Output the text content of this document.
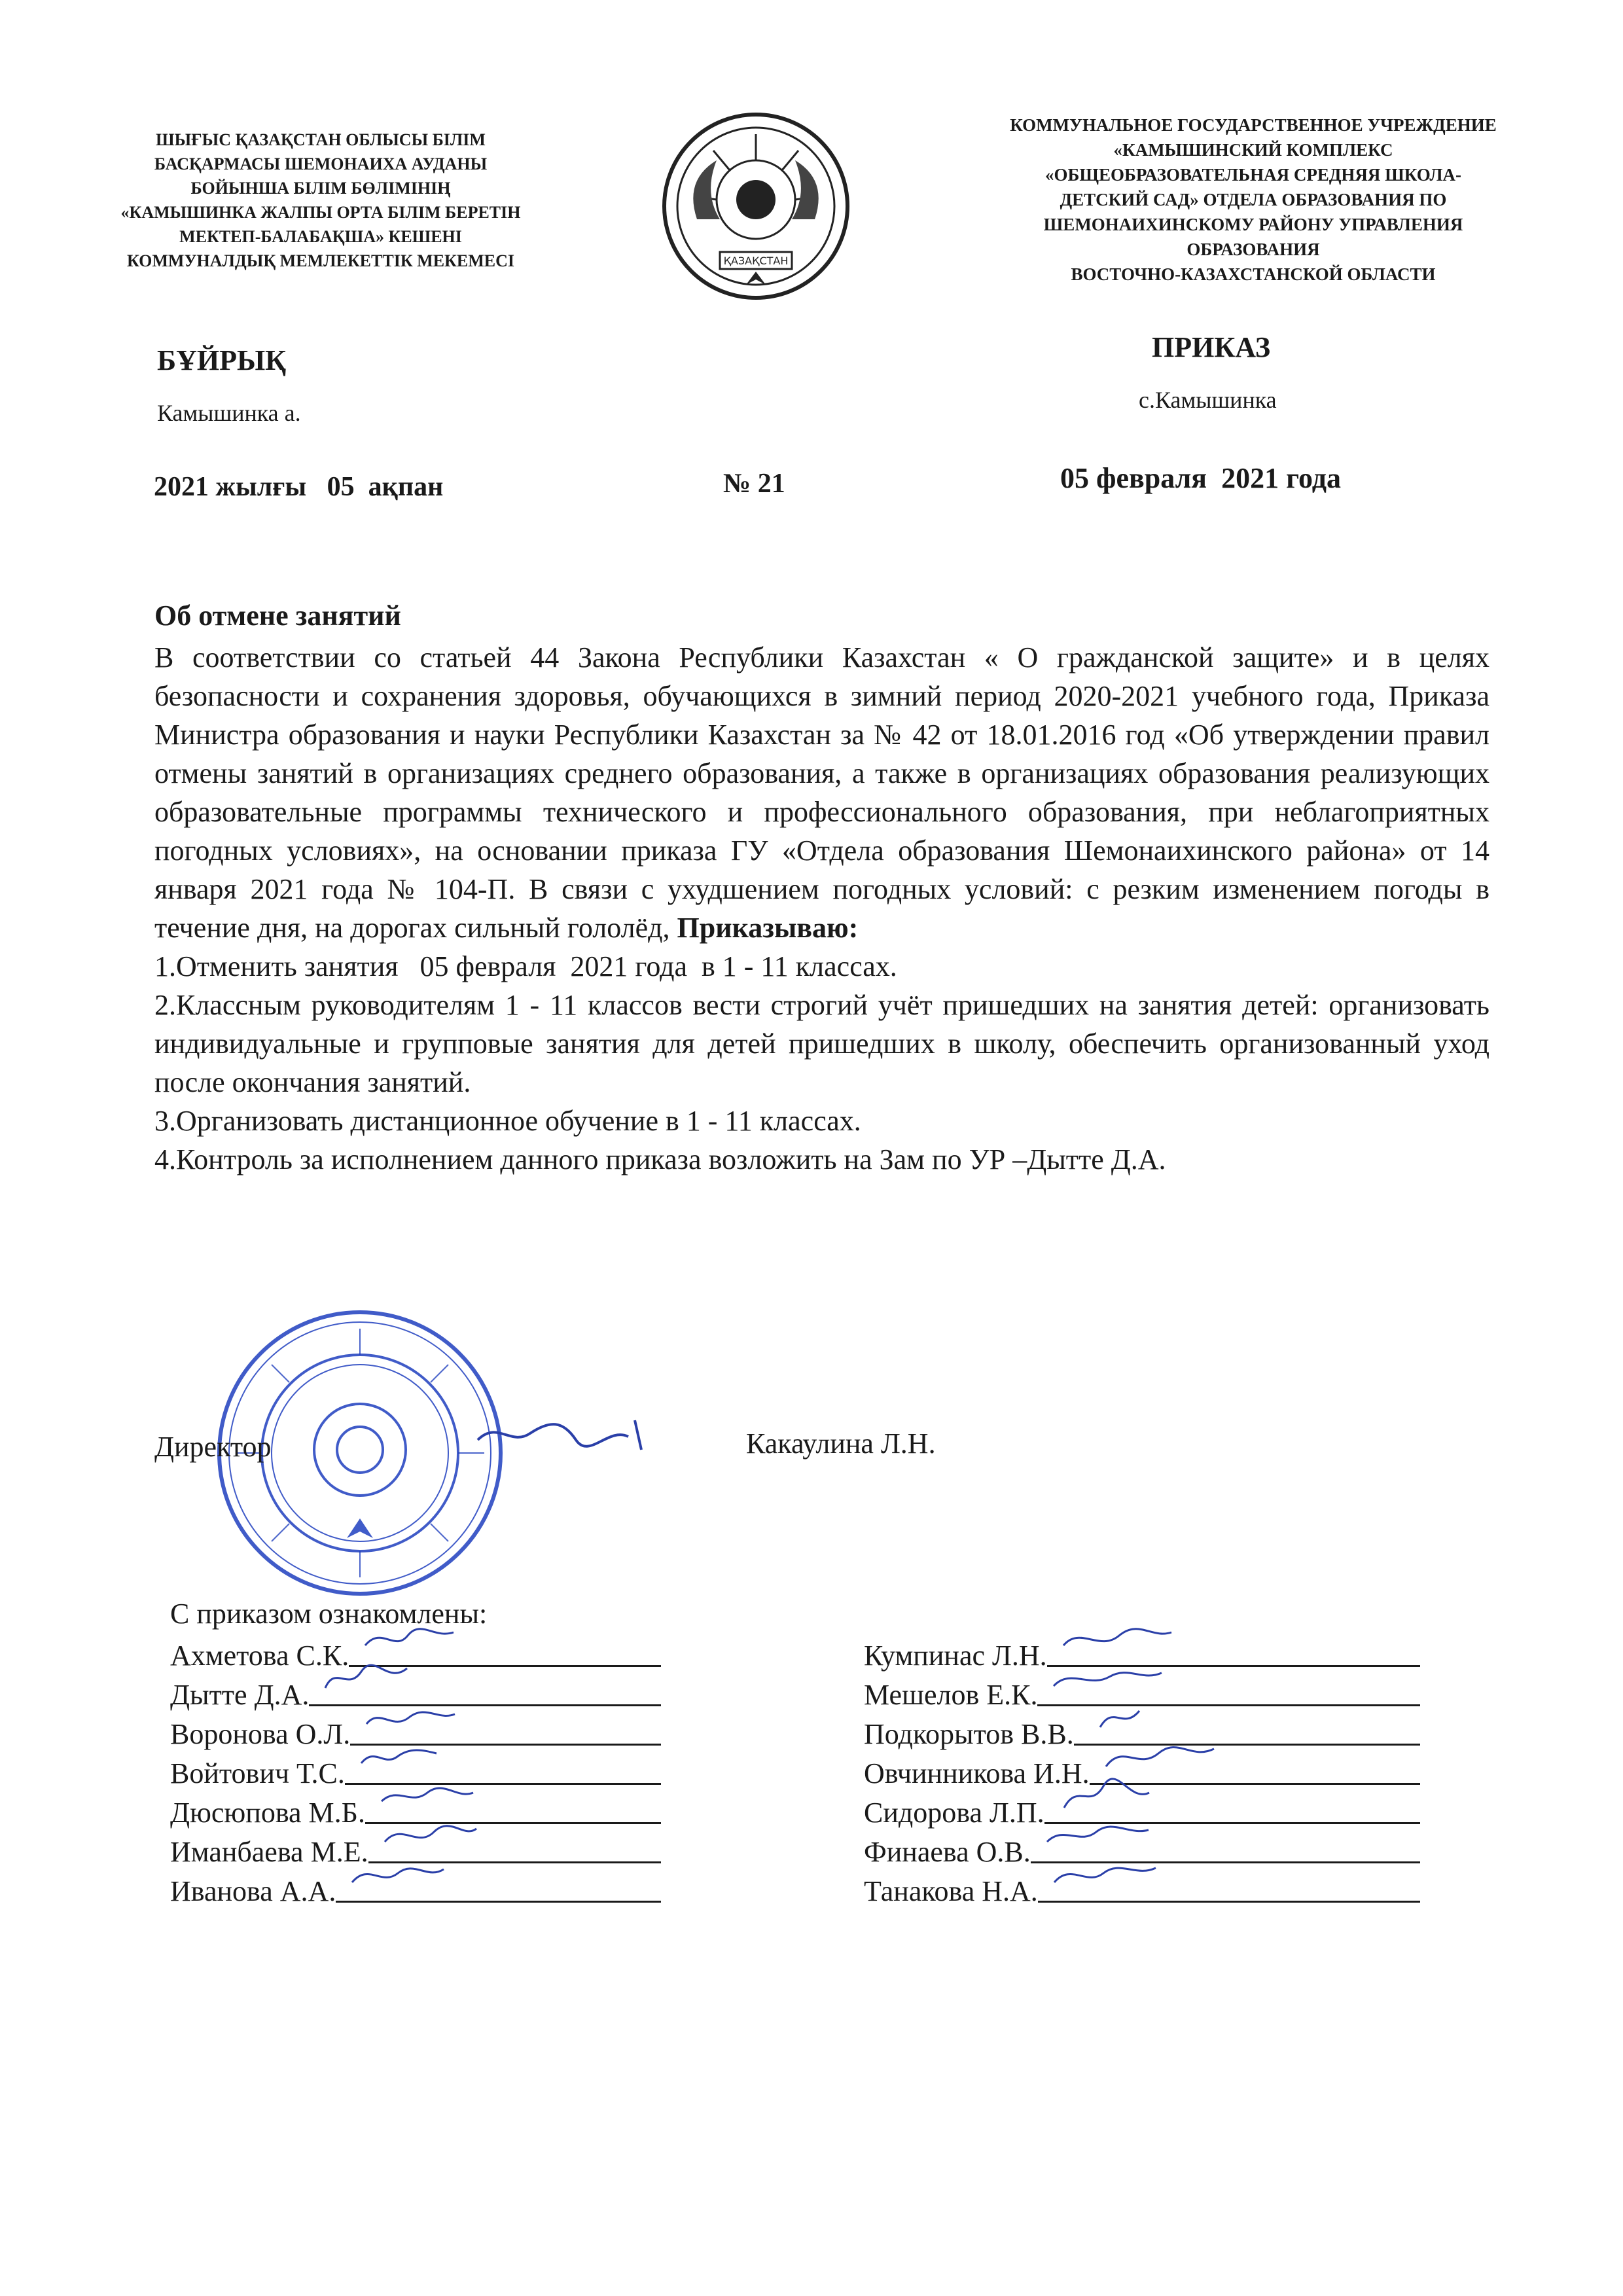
ШЫҒЫС ҚАЗАҚСТАН ОБЛЫСЫ БІЛІМ
БАСҚАРМАСЫ ШЕМОНАИХА АУДАНЫ
БОЙЫНША БІЛІМ БӨЛІМІНІҢ
«КАМЫШИНКА ЖАЛПЫ ОРТА БІЛІМ БЕРЕТІН
МЕКТЕП-БАЛАБАҚША» КЕШЕНІ
КОММУНАЛДЫҚ МЕМЛЕКЕТТІК МЕКЕМЕСІ	ҚАЗАҚСТАН
КОММУНАЛЬНОЕ ГОСУДАРСТВЕННОЕ УЧРЕЖДЕНИЕ
«КАМЫШИНСКИЙ КОМПЛЕКС
«ОБЩЕОБРАЗОВАТЕЛЬНАЯ СРЕДНЯЯ ШКОЛА-
ДЕТСКИЙ САД» ОТДЕЛА ОБРАЗОВАНИЯ ПО
ШЕМОНАИХИНСКОМУ РАЙОНУ УПРАВЛЕНИЯ
ОБРАЗОВАНИЯ
ВОСТОЧНО-КАЗАХСТАНСКОЙ ОБЛАСТИ
БҰЙРЫҚ
Камышинка а.
ПРИКАЗ
с.Камышинка
2021 жылғы   05  ақпан	№ 21	05 февраля  2021 года
Об отмене занятий

В соответствии со статьей 44 Закона Республики Казахстан « О гражданской защите» и в целях безопасности и сохранения здоровья, обучающихся в зимний период 2020-2021 учебного года, Приказа Министра образования и науки Республики Казахстан за № 42 от 18.01.2016 год «Об утверждении правил отмены занятий в организациях среднего образования, а также в организациях образования реализующих образовательные программы технического и профессионального образования, при неблагоприятных погодных условиях», на основании приказа ГУ «Отдела образования Шемонаихинского района» от 14 января 2021 года № 104-П. В связи с ухудшением погодных условий: с резким изменением погоды в течение дня, на дорогах сильный гололёд, Приказываю:

1.Отменить занятия   05 февраля  2021 года  в 1 - 11 классах.

2.Классным руководителям 1 - 11 классов вести строгий учёт пришедших на занятия детей: организовать индивидуальные и групповые занятия для детей пришедших в школу, обеспечить организованный уход после окончания занятий.

3.Организовать дистанционное обучение в 1 - 11 классах.

4.Контроль за исполнением данного приказа возложить на Зам по УР –Дытте Д.А.

Директор	Какаулина Л.Н.
С приказом ознакомлены:
Ахметова С.К.
Дытте Д.А.
Воронова О.Л.
Войтович Т.С.
Дюсюпова М.Б.
Иманбаева М.Е.
Иванова А.А.
Кумпинас Л.Н.
Мешелов Е.К.
Подкорытов В.В.
Овчинникова И.Н.
Сидорова Л.П.
Финаева О.В.
Танакова Н.А.
